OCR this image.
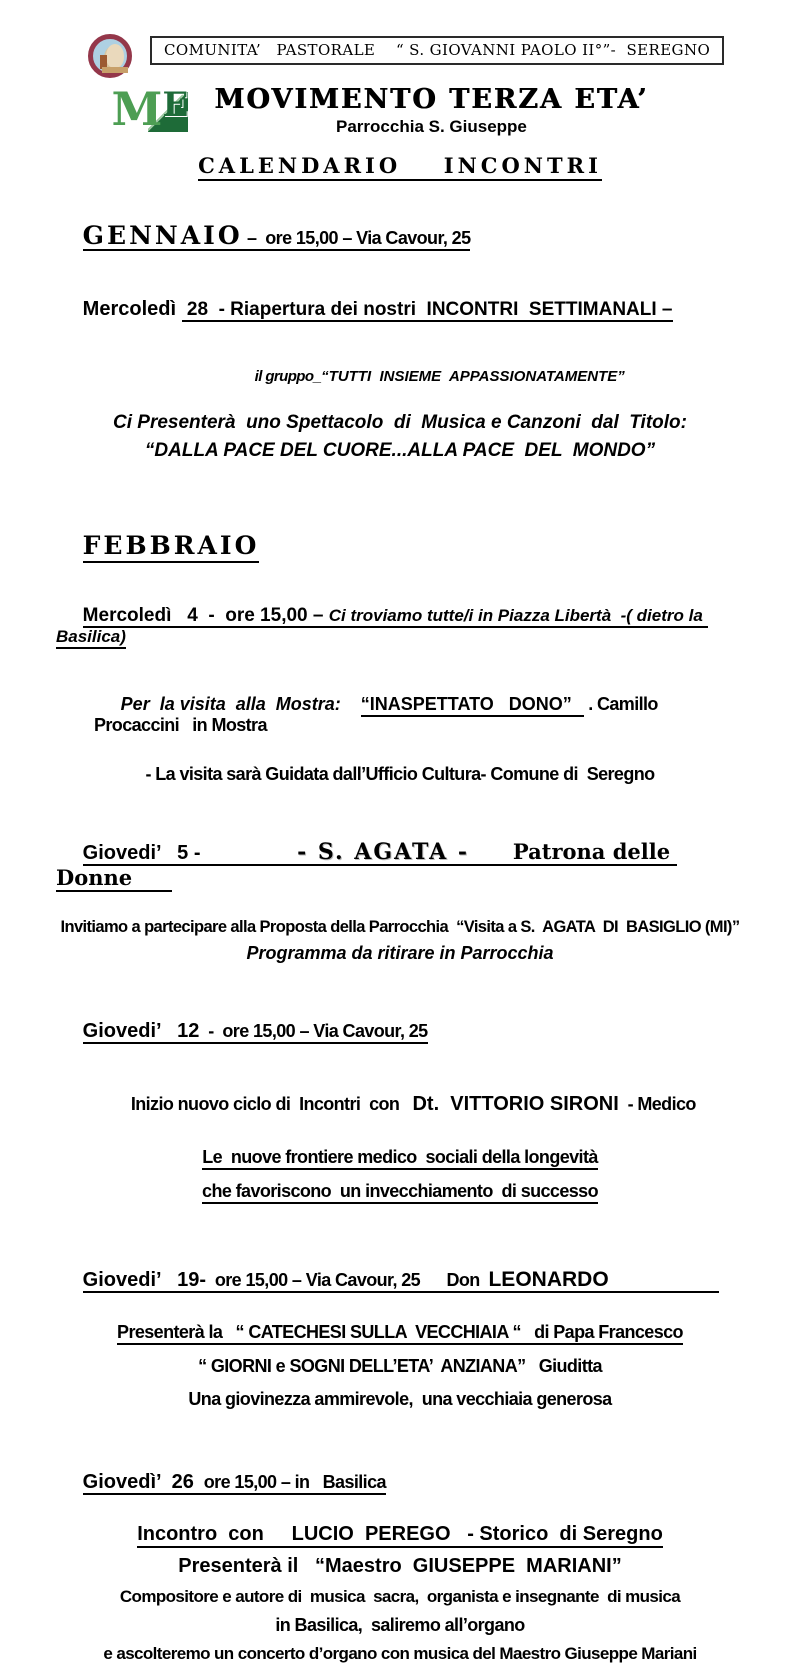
COMUNITA’   PASTORALE    “ S. GIOVANNI PAOLO II°”-  SEREGNO
M E MOVIMENTO TERZA ETA’
Parrocchia S. Giuseppe
CALENDARIO  INCONTRI

GENNAIO –  ore 15,00 – Via Cavour, 25

Mercoledì  28  - Riapertura dei nostri  INCONTRI  SETTIMANALI –

il gruppo_“TUTTI  INSIEME  APPASSIONATAMENTE”

Ci Presenterà  uno Spettacolo  di  Musica e Canzoni  dal  Titolo:
“DALLA PACE DEL CUORE...ALLA PACE  DEL  MONDO”

FEBBRAIO

Mercoledì   4  -  ore 15,00 – Ci troviamo tutte/i in Piazza Libertà  -( dietro la Basilica)

Per  la visita  alla  Mostra:    “INASPETTATO   DONO” . Camillo Procaccini   in Mostra

- La visita sarà Guidata dall’Ufficio Cultura- Comune di  Seregno

Giovedi’   5 -          - S. AGATA -      Patrona delle Donne

Invitiamo a partecipare alla Proposta della Parrocchia  “Visita a S.  AGATA  DI  BASIGLIO (MI)”
Programma da ritirare in Parrocchia

Giovedi’   12  -  ore 15,00 – Via Cavour, 25

Inizio nuovo ciclo di  Incontri  con   Dt.  VITTORIO SIRONI  - Medico

Le  nuove frontiere medico  sociali della longevità
che favoriscono  un invecchiamento  di successo

Giovedi’   19-  ore 15,00 – Via Cavour, 25      Don  LEONARDO

Presenterà la   “ CATECHESI SULLA  VECCHIAIA “   di Papa Francesco
“ GIORNI e SOGNI DELL’ETA’  ANZIANA”   Giuditta
Una giovinezza ammirevole,  una vecchiaia generosa

Giovedì’  26  ore 15,00 – in   Basilica

Incontro  con     LUCIO  PEREGO   - Storico  di Seregno
Presenterà il   “Maestro  GIUSEPPE  MARIANI”
Compositore e autore di  musica  sacra,  organista e insegnante  di musica
in Basilica,  saliremo all’organo
e ascolteremo un concerto d’organo con musica del Maestro Giuseppe Mariani
